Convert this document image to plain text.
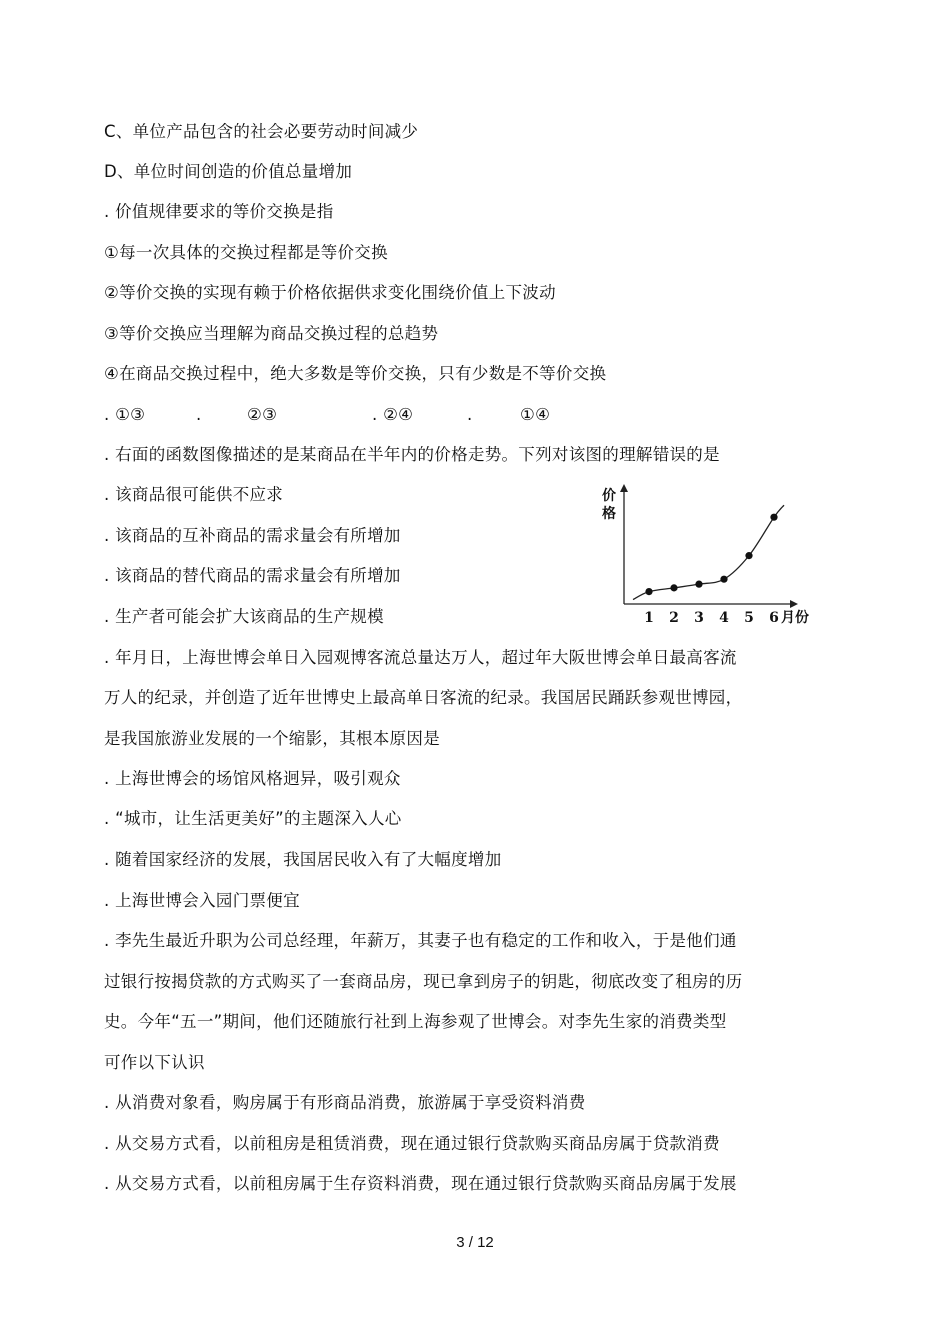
C、单位产品包含的社会必要劳动时间减少
D、单位时间创造的价值总量增加
. 价值规律要求的等价交换是指
①每一次具体的交换过程都是等价交换
②等价交换的实现有赖于价格依据供求变化围绕价值上下波动
③等价交换应当理解为商品交换过程的总趋势
④在商品交换过程中，绝大多数是等价交换，只有少数是不等价交换
. ①③	.	②③	. ②④	.	①④
. 右面的函数图像描述的是某商品在半年内的价格走势。下列对该图的理解错误的是
. 该商品很可能供不应求
. 该商品的互补商品的需求量会有所增加
. 该商品的替代商品的需求量会有所增加
. 生产者可能会扩大该商品的生产规模	1 2 3 4 5 6
价
格
月份
. 年月日，上海世博会单日入园观博客流总量达万人，超过年大阪世博会单日最高客流
万人的纪录，并创造了近年世博史上最高单日客流的纪录。我国居民踊跃参观世博园，
是我国旅游业发展的一个缩影，其根本原因是
. 上海世博会的场馆风格迥异，吸引观众
. “城市，让生活更美好”的主题深入人心
. 随着国家经济的发展，我国居民收入有了大幅度增加
. 上海世博会入园门票便宜
. 李先生最近升职为公司总经理，年薪万，其妻子也有稳定的工作和收入，于是他们通
过银行按揭贷款的方式购买了一套商品房，现已拿到房子的钥匙，彻底改变了租房的历
史。今年“五一”期间，他们还随旅行社到上海参观了世博会。对李先生家的消费类型
可作以下认识
. 从消费对象看，购房属于有形商品消费，旅游属于享受资料消费
. 从交易方式看，以前租房是租赁消费，现在通过银行贷款购买商品房属于贷款消费
. 从交易方式看，以前租房属于生存资料消费，现在通过银行贷款购买商品房属于发展
3 / 12
